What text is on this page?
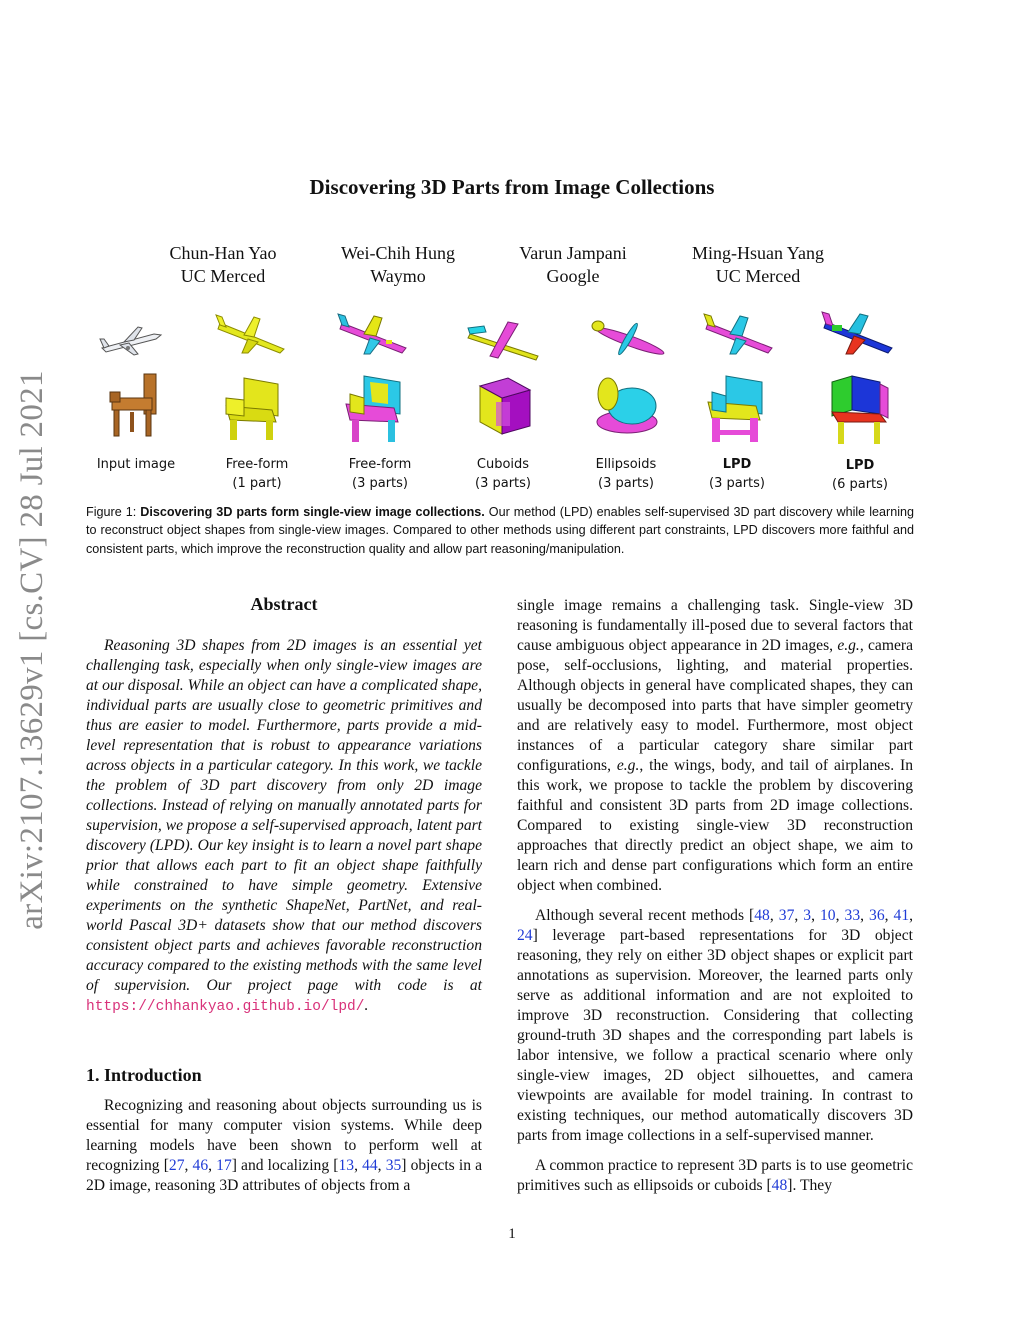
arXiv:2107.13629v1 [cs.CV] 28 Jul 2021
Discovering 3D Parts from Image Collections
Chun-Han Yao
UC Merced
Wei-Chih Hung
Waymo
Varun Jampani
Google
Ming-Hsuan Yang
UC Merced
Input image	Free-form
(1 part)
Free-form
(3 parts)
Cuboids
(3 parts)
Ellipsoids
(3 parts)
LPD
(3 parts)
LPD
(6 parts)
Figure 1: Discovering 3D parts form single-view image collections. Our method (LPD) enables self-supervised 3D part discovery while learning to reconstruct object shapes from single-view images. Compared to other methods using different part constraints, LPD discovers more faithful and consistent parts, which improve the reconstruction quality and allow part reasoning/manipulation.
Abstract
Reasoning 3D shapes from 2D images is an essential yet challenging task, especially when only single-view images are at our disposal. While an object can have a complicated shape, individual parts are usually close to geometric primitives and thus are easier to model. Furthermore, parts provide a mid-level representation that is robust to appearance variations across objects in a particular category. In this work, we tackle the problem of 3D part discovery from only 2D image collections. Instead of relying on manually annotated parts for supervision, we propose a self-supervised approach, latent part discovery (LPD). Our key insight is to learn a novel part shape prior that allows each part to fit an object shape faithfully while constrained to have simple geometry. Extensive experiments on the synthetic ShapeNet, PartNet, and real-world Pascal 3D+ datasets show that our method discovers consistent object parts and achieves favorable reconstruction accuracy compared to the existing methods with the same level of supervision. Our project page with code is at https://chhankyao.github.io/lpd/.
1. Introduction
Recognizing and reasoning about objects surrounding us is essential for many computer vision systems. While deep learning models have been shown to perform well at recognizing [27, 46, 17] and localizing [13, 44, 35] objects in a 2D image, reasoning 3D attributes of objects from a
single image remains a challenging task. Single-view 3D reasoning is fundamentally ill-posed due to several factors that cause ambiguous object appearance in 2D images, e.g., camera pose, self-occlusions, lighting, and material properties. Although objects in general have complicated shapes, they can usually be decomposed into parts that have simpler geometry and are relatively easy to model. Furthermore, most object instances of a particular category share similar part configurations, e.g., the wings, body, and tail of airplanes. In this work, we propose to tackle the problem by discovering faithful and consistent 3D parts from 2D image collections. Compared to existing single-view 3D reconstruction approaches that directly predict an object shape, we aim to learn rich and dense part configurations which form an entire object when combined.
Although several recent methods [48, 37, 3, 10, 33, 36, 41, 24] leverage part-based representations for 3D object reasoning, they rely on either 3D object shapes or explicit part annotations as supervision. Moreover, the learned parts only serve as additional information and are not exploited to improve 3D reconstruction. Considering that collecting ground-truth 3D shapes and the corresponding part labels is labor intensive, we follow a practical scenario where only single-view images, 2D object silhouettes, and camera viewpoints are available for model training. In contrast to existing techniques, our method automatically discovers 3D parts from image collections in a self-supervised manner.
A common practice to represent 3D parts is to use geometric primitives such as ellipsoids or cuboids [48]. They
1
